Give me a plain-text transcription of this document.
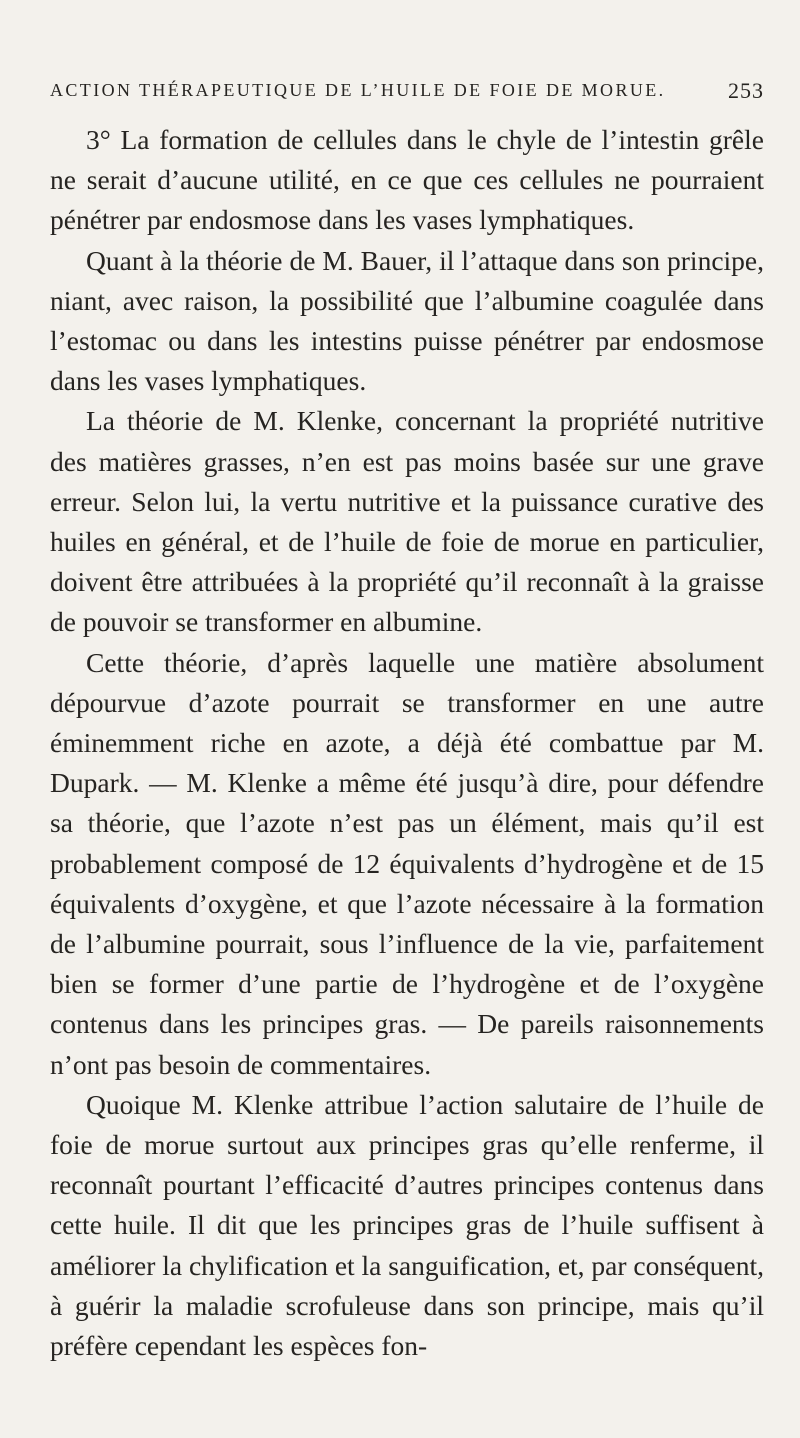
ACTION THÉRAPEUTIQUE DE L’HUILE DE FOIE DE MORUE.	253

3° La formation de cellules dans le chyle de l’intestin grêle ne serait d’aucune utilité, en ce que ces cellules ne pourraient pénétrer par endosmose dans les vases lymphatiques.

Quant à la théorie de M. Bauer, il l’attaque dans son principe, niant, avec raison, la possibilité que l’albumine coagulée dans l’estomac ou dans les intestins puisse pénétrer par endosmose dans les vases lymphatiques.

La théorie de M. Klenke, concernant la propriété nutritive des matières grasses, n’en est pas moins basée sur une grave erreur. Selon lui, la vertu nutritive et la puissance curative des huiles en général, et de l’huile de foie de morue en particulier, doivent être attribuées à la propriété qu’il reconnaît à la graisse de pouvoir se transformer en albumine.

Cette théorie, d’après laquelle une matière absolument dépourvue d’azote pourrait se transformer en une autre éminemment riche en azote, a déjà été combattue par M. Dupark. — M. Klenke a même été jusqu’à dire, pour défendre sa théorie, que l’azote n’est pas un élément, mais qu’il est probablement composé de 12 équivalents d’hydrogène et de 15 équivalents d’oxygène, et que l’azote nécessaire à la formation de l’albumine pourrait, sous l’influence de la vie, parfaitement bien se former d’une partie de l’hydrogène et de l’oxygène contenus dans les principes gras. — De pareils raisonnements n’ont pas besoin de commentaires.

Quoique M. Klenke attribue l’action salutaire de l’huile de foie de morue surtout aux principes gras qu’elle renferme, il reconnaît pourtant l’efficacité d’autres principes contenus dans cette huile. Il dit que les principes gras de l’huile suffisent à améliorer la chylification et la sanguification, et, par conséquent, à guérir la maladie scrofuleuse dans son principe, mais qu’il préfère cependant les espèces fon-
